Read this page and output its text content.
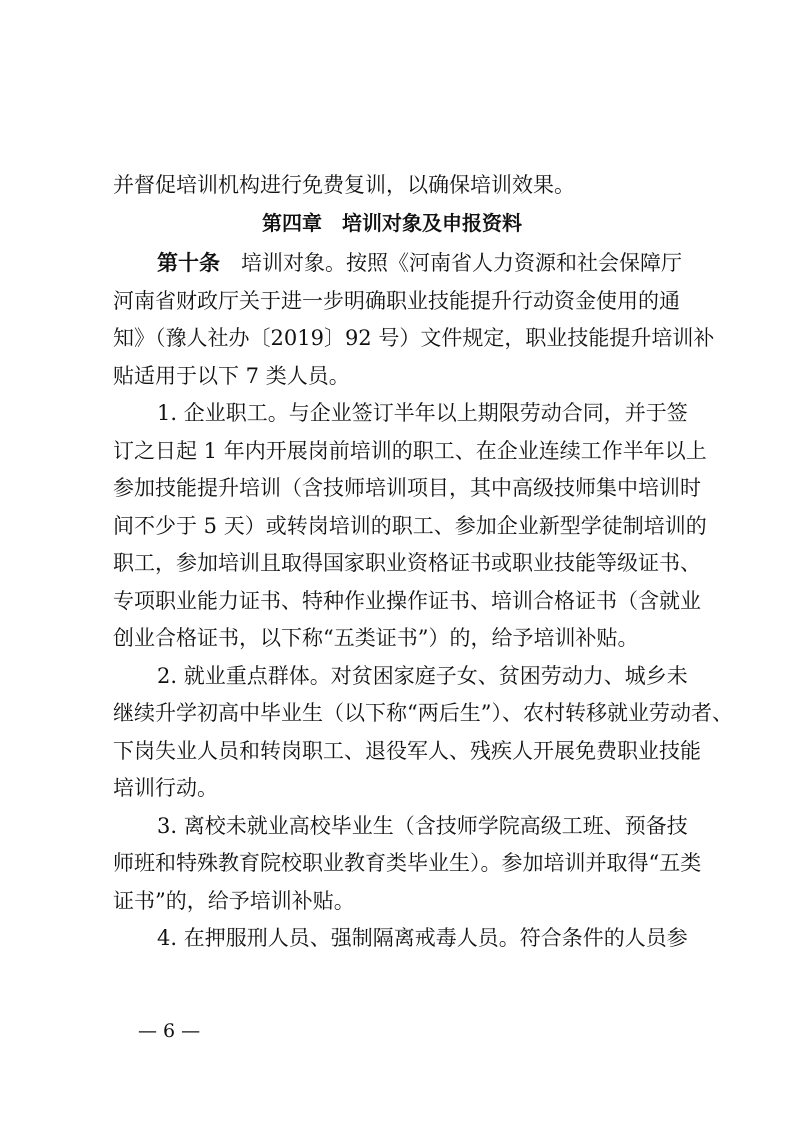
并督促培训机构进行免费复训，以确保培训效果。
第四章　培训对象及申报资料
第十条　培训对象。按照《河南省人力资源和社会保障厅
河南省财政厅关于进一步明确职业技能提升行动资金使用的通
知》（豫人社办〔2019〕92 号）文件规定，职业技能提升培训补
贴适用于以下 7 类人员。
1. 企业职工。与企业签订半年以上期限劳动合同，并于签
订之日起 1 年内开展岗前培训的职工、在企业连续工作半年以上
参加技能提升培训（含技师培训项目，其中高级技师集中培训时
间不少于 5 天）或转岗培训的职工、参加企业新型学徒制培训的
职工，参加培训且取得国家职业资格证书或职业技能等级证书、
专项职业能力证书、特种作业操作证书、培训合格证书（含就业
创业合格证书，以下称“五类证书”）的，给予培训补贴。
2. 就业重点群体。对贫困家庭子女、贫困劳动力、城乡未
继续升学初高中毕业生（以下称“两后生”）、农村转移就业劳动者、
下岗失业人员和转岗职工、退役军人、残疾人开展免费职业技能
培训行动。
3. 离校未就业高校毕业生（含技师学院高级工班、预备技
师班和特殊教育院校职业教育类毕业生）。参加培训并取得“五类
证书”的，给予培训补贴。
4. 在押服刑人员、强制隔离戒毒人员。符合条件的人员参
— 6 —
